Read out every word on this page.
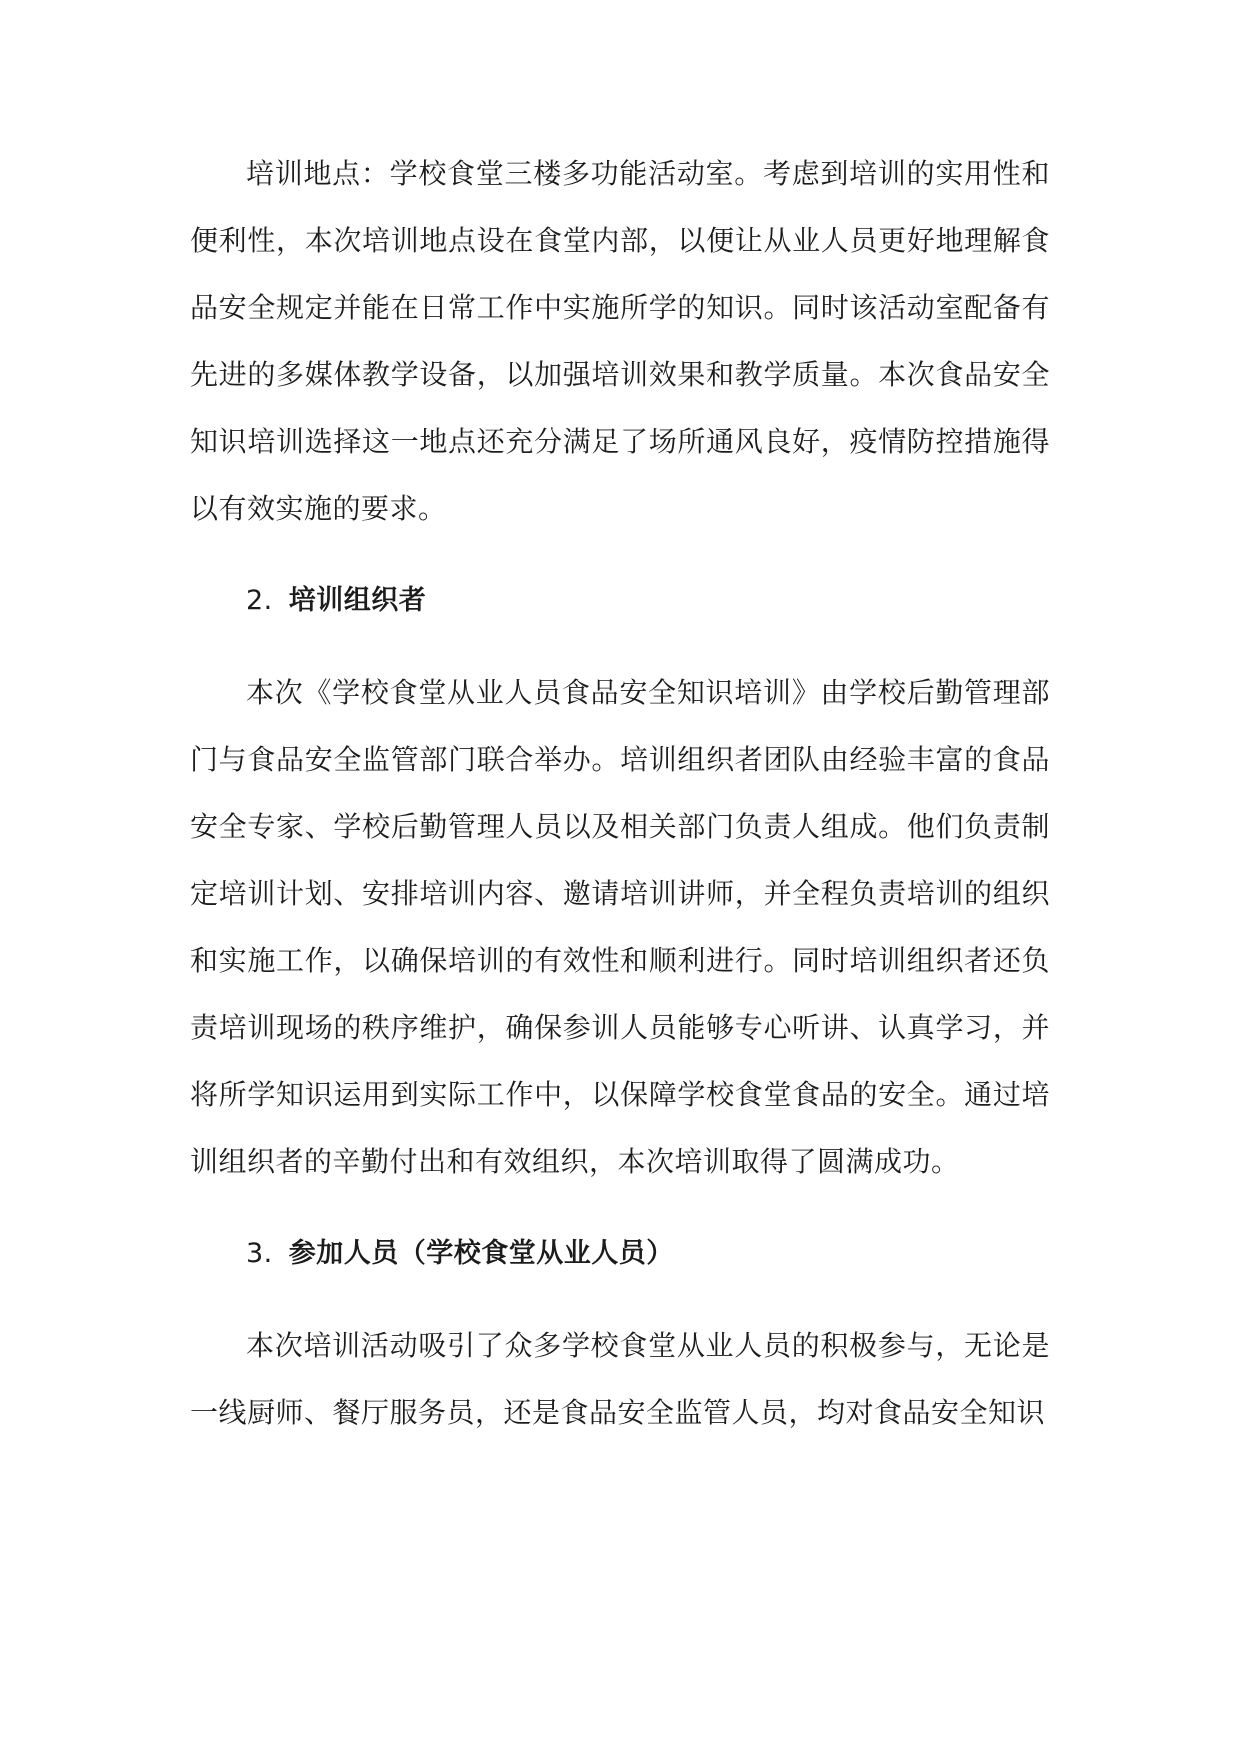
培训地点：学校食堂三楼多功能活动室。考虑到培训的实用性和便利性，本次培训地点设在食堂内部，以便让从业人员更好地理解食品安全规定并能在日常工作中实施所学的知识。同时该活动室配备有先进的多媒体教学设备，以加强培训效果和教学质量。本次食品安全知识培训选择这一地点还充分满足了场所通风良好，疫情防控措施得以有效实施的要求。

2. 培训组织者

本次《学校食堂从业人员食品安全知识培训》由学校后勤管理部门与食品安全监管部门联合举办。培训组织者团队由经验丰富的食品安全专家、学校后勤管理人员以及相关部门负责人组成。他们负责制定培训计划、安排培训内容、邀请培训讲师，并全程负责培训的组织和实施工作，以确保培训的有效性和顺利进行。同时培训组织者还负责培训现场的秩序维护，确保参训人员能够专心听讲、认真学习，并将所学知识运用到实际工作中，以保障学校食堂食品的安全。通过培训组织者的辛勤付出和有效组织，本次培训取得了圆满成功。

3. 参加人员（学校食堂从业人员）

本次培训活动吸引了众多学校食堂从业人员的积极参与，无论是一线厨师、餐厅服务员，还是食品安全监管人员，均对食品安全知识
